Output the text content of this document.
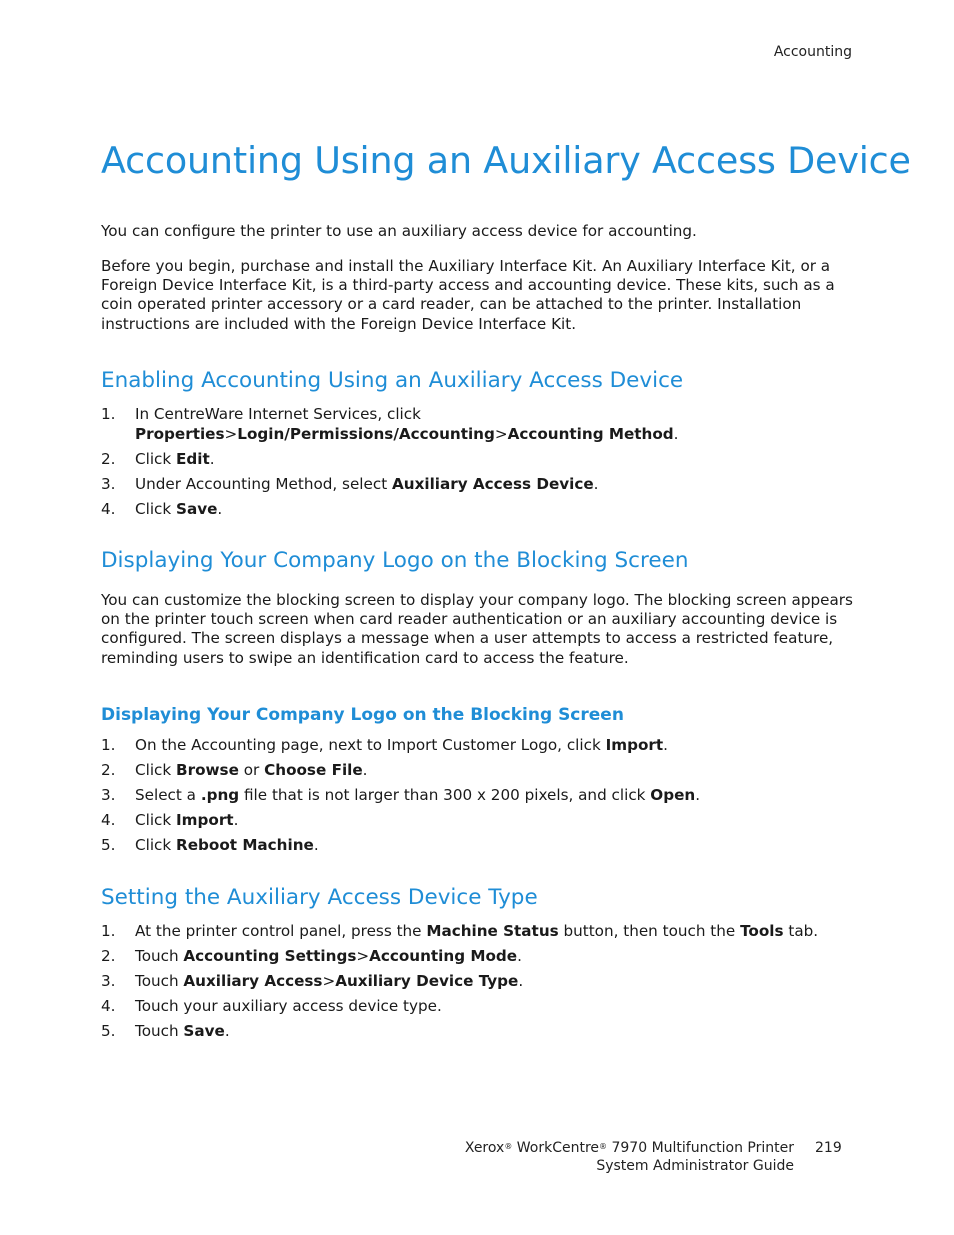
Accounting
Accounting Using an Auxiliary Access Device

You can configure the printer to use an auxiliary access device for accounting.

Before you begin, purchase and install the Auxiliary Interface Kit. An Auxiliary Interface Kit, or a Foreign Device Interface Kit, is a third-party access and accounting device. These kits, such as a coin operated printer accessory or a card reader, can be attached to the printer. Installation instructions are included with the Foreign Device Interface Kit.

Enabling Accounting Using an Auxiliary Access Device
1. In CentreWare Internet Services, click Properties>Login/Permissions/Accounting>Accounting Method.
2. Click Edit.
3. Under Accounting Method, select Auxiliary Access Device.
4. Click Save.
Displaying Your Company Logo on the Blocking Screen

You can customize the blocking screen to display your company logo. The blocking screen appears on the printer touch screen when card reader authentication or an auxiliary accounting device is configured. The screen displays a message when a user attempts to access a restricted feature, reminding users to swipe an identification card to access the feature.

Displaying Your Company Logo on the Blocking Screen
1. On the Accounting page, next to Import Customer Logo, click Import.
2. Click Browse or Choose File.
3. Select a .png file that is not larger than 300 x 200 pixels, and click Open.
4. Click Import.
5. Click Reboot Machine.
Setting the Auxiliary Access Device Type
1. At the printer control panel, press the Machine Status button, then touch the Tools tab.
2. Touch Accounting Settings>Accounting Mode.
3. Touch Auxiliary Access>Auxiliary Device Type.
4. Touch your auxiliary access device type.
5. Touch Save.
Xerox® WorkCentre® 7970 Multifunction Printer
System Administrator Guide
219
